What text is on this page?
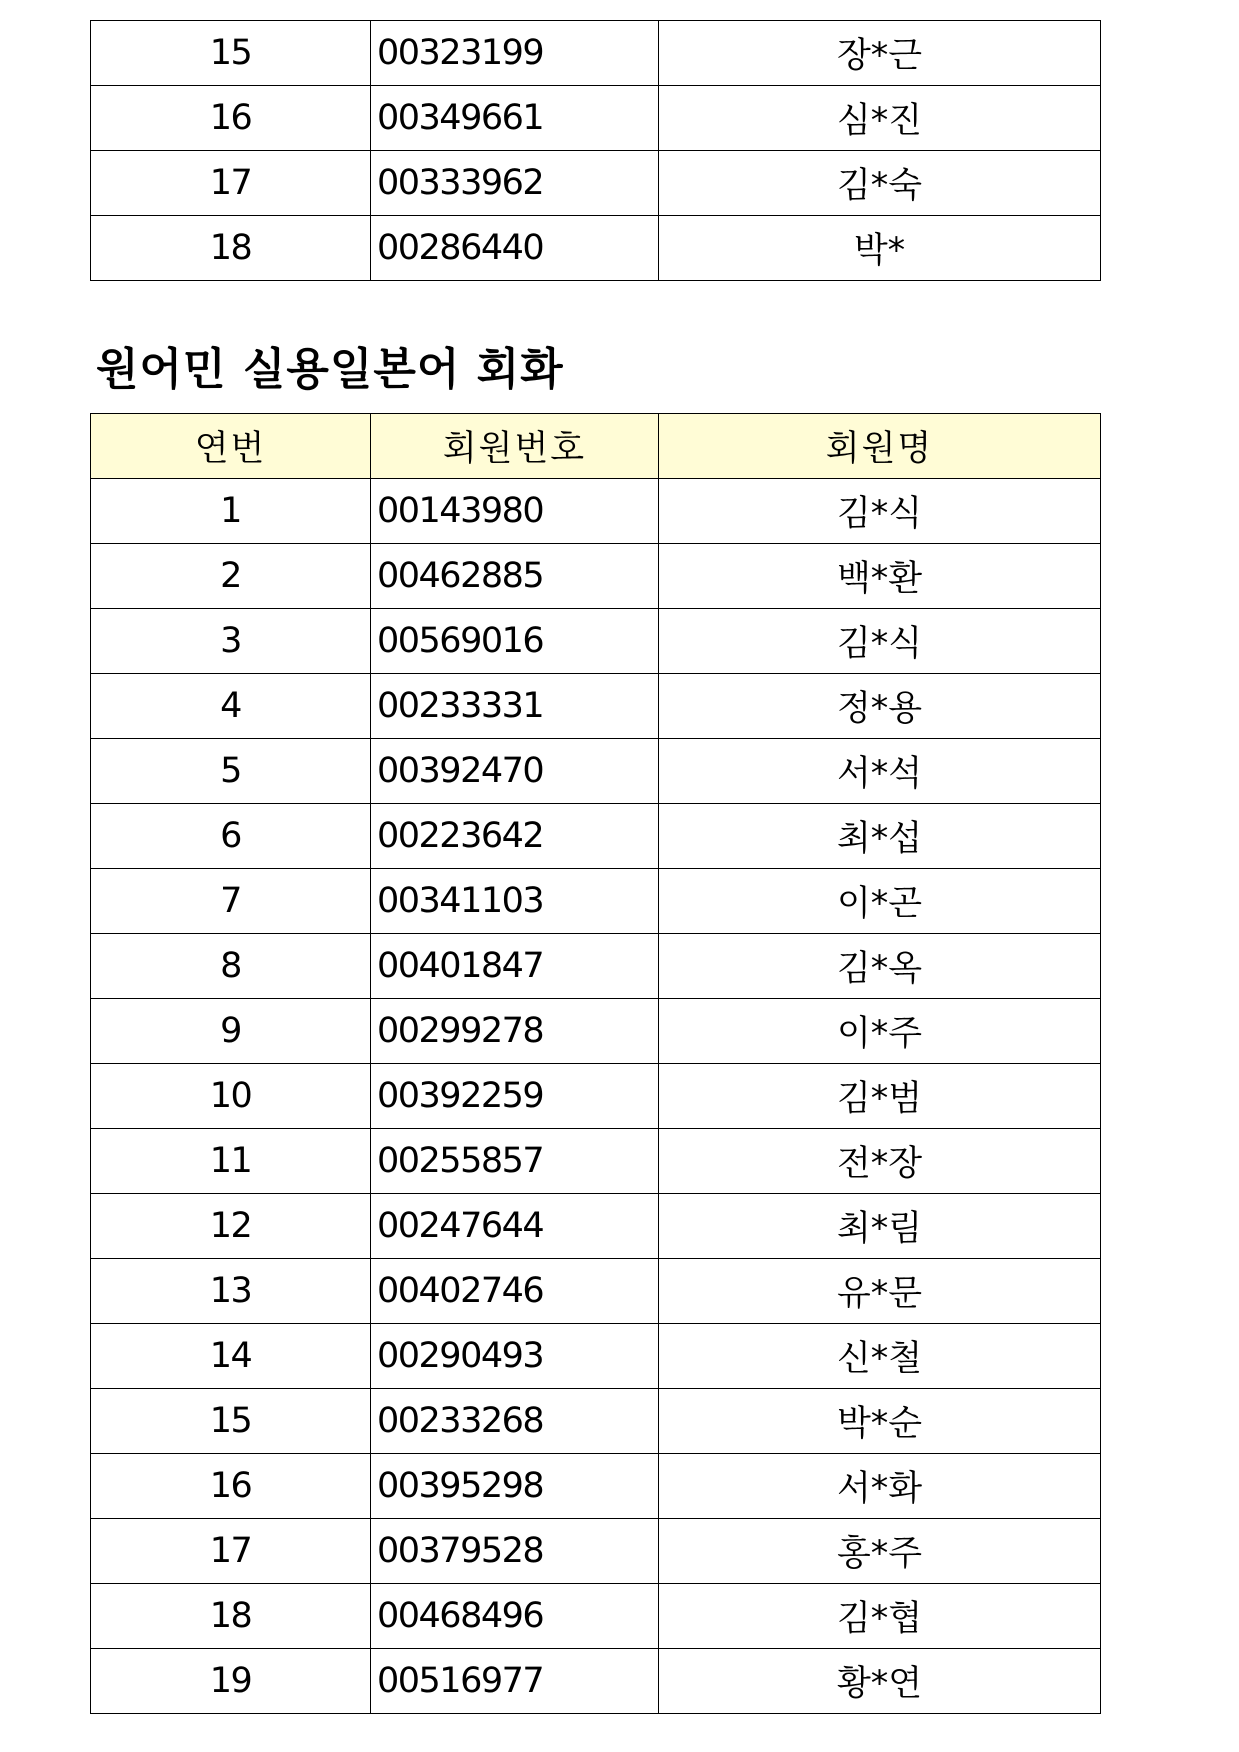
15	00323199	장*근
16	00349661	심*진
17	00333962	김*숙
18	00286440	박*
원어민 실용일본어 회화
연번	회원번호	회원명
1	00143980	김*식
2	00462885	백*환
3	00569016	김*식
4	00233331	정*용
5	00392470	서*석
6	00223642	최*섭
7	00341103	이*곤
8	00401847	김*옥
9	00299278	이*주
10	00392259	김*범
11	00255857	전*장
12	00247644	최*림
13	00402746	유*문
14	00290493	신*철
15	00233268	박*순
16	00395298	서*화
17	00379528	홍*주
18	00468496	김*협
19	00516977	황*연
